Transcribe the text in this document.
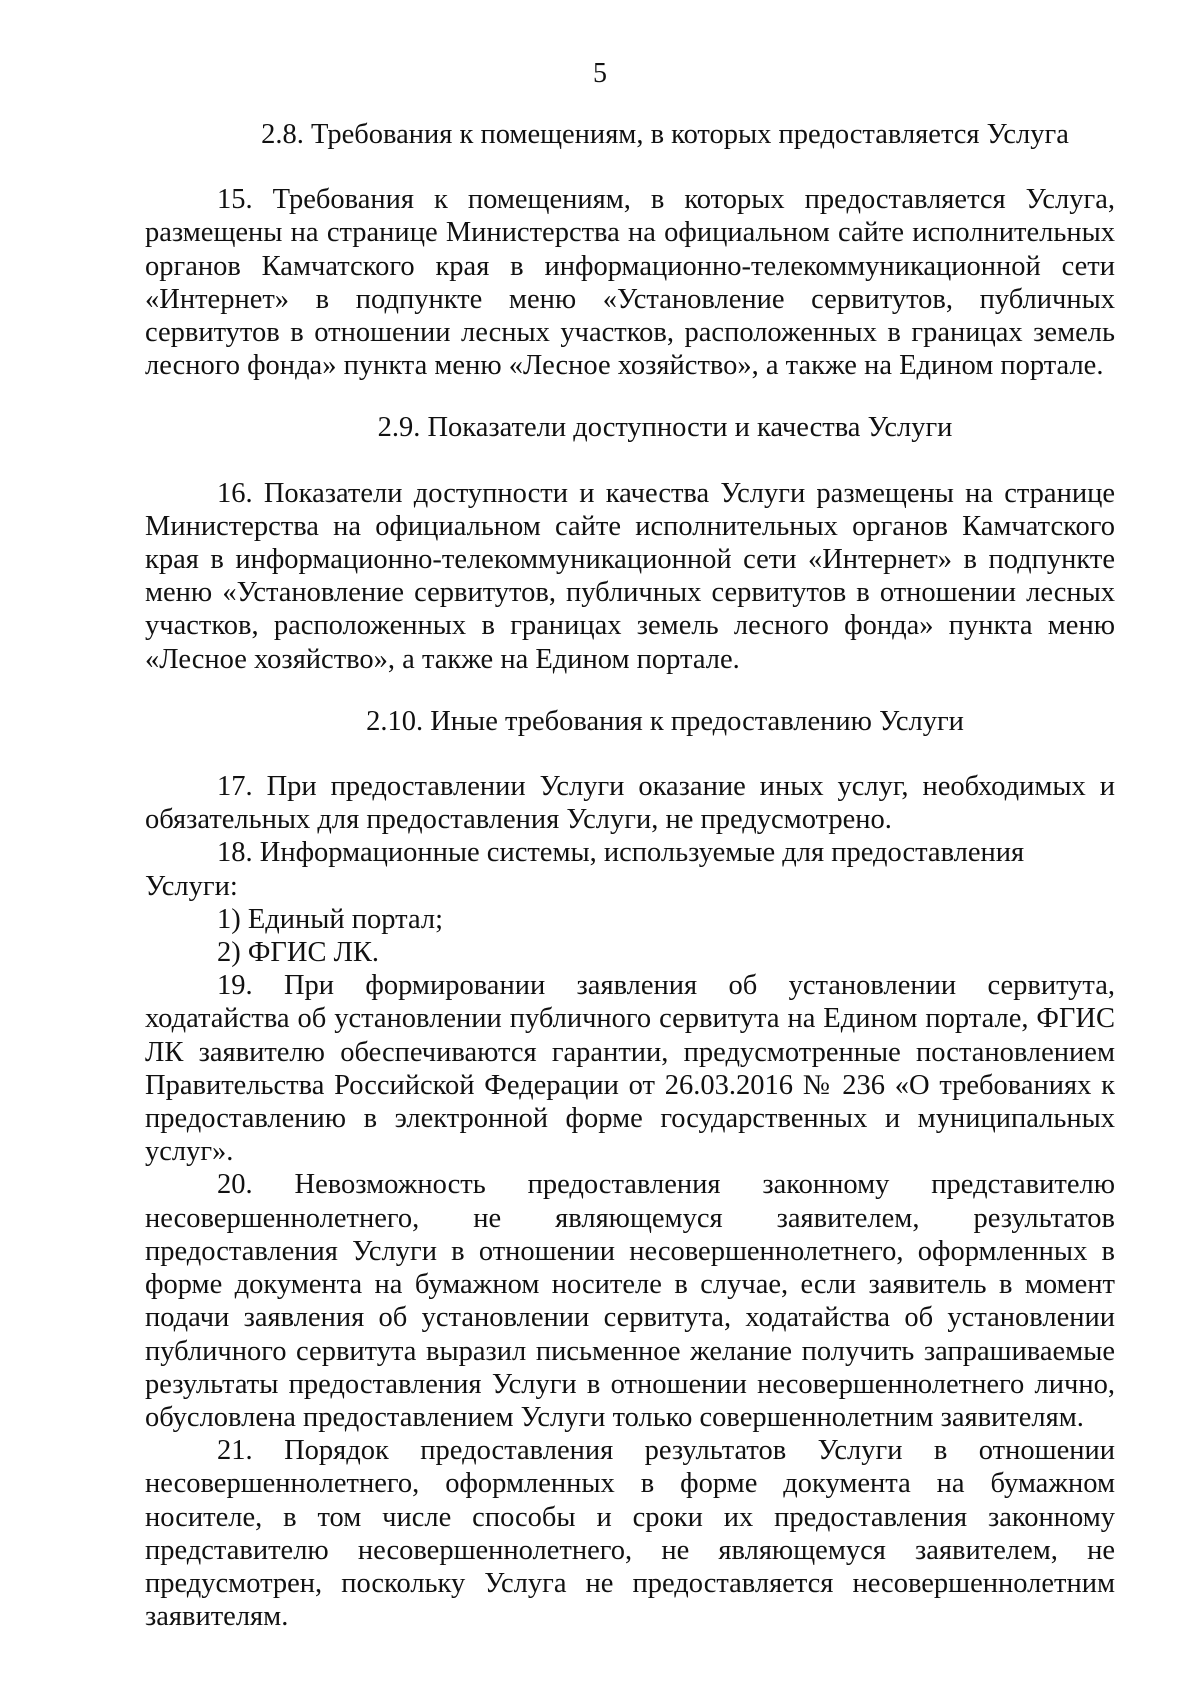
5

2.8. Требования к помещениям, в которых предоставляется Услуга

15. Требования к помещениям, в которых предоставляется Услуга, размещены на странице Министерства на официальном сайте исполнительных органов Камчатского края в информационно-телекоммуникационной сети «Интернет» в подпункте меню «Установление сервитутов, публичных сервитутов в отношении лесных участков, расположенных в границах земель лесного фонда» пункта меню «Лесное хозяйство», а также на Едином портале.

2.9. Показатели доступности и качества Услуги

16. Показатели доступности и качества Услуги размещены на странице Министерства на официальном сайте исполнительных органов Камчатского края в информационно-телекоммуникационной сети «Интернет» в подпункте меню «Установление сервитутов, публичных сервитутов в отношении лесных участков, расположенных в границах земель лесного фонда» пункта меню «Лесное хозяйство», а также на Едином портале.

2.10. Иные требования к предоставлению Услуги

17. При предоставлении Услуги оказание иных услуг, необходимых и обязательных для предоставления Услуги, не предусмотрено.

18. Информационные системы, используемые для предоставления Услуги:

1) Единый портал;

2) ФГИС ЛК.

19. При формировании заявления об установлении сервитута, ходатайства об установлении публичного сервитута на Едином портале, ФГИС ЛК заявителю обеспечиваются гарантии, предусмотренные постановлением Правительства Российской Федерации от 26.03.2016 № 236 «О требованиях к предоставлению в электронной форме государственных и муниципальных услуг».

20. Невозможность предоставления законному представителю несовершеннолетнего, не являющемуся заявителем, результатов предоставления Услуги в отношении несовершеннолетнего, оформленных в форме документа на бумажном носителе в случае, если заявитель в момент подачи заявления об установлении сервитута, ходатайства об установлении публичного сервитута выразил письменное желание получить запрашиваемые результаты предоставления Услуги в отношении несовершеннолетнего лично, обусловлена предоставлением Услуги только совершеннолетним заявителям.

21. Порядок предоставления результатов Услуги в отношении несовершеннолетнего, оформленных в форме документа на бумажном носителе, в том числе способы и сроки их предоставления законному представителю несовершеннолетнего, не являющемуся заявителем, не предусмотрен, поскольку Услуга не предоставляется несовершеннолетним заявителям.
